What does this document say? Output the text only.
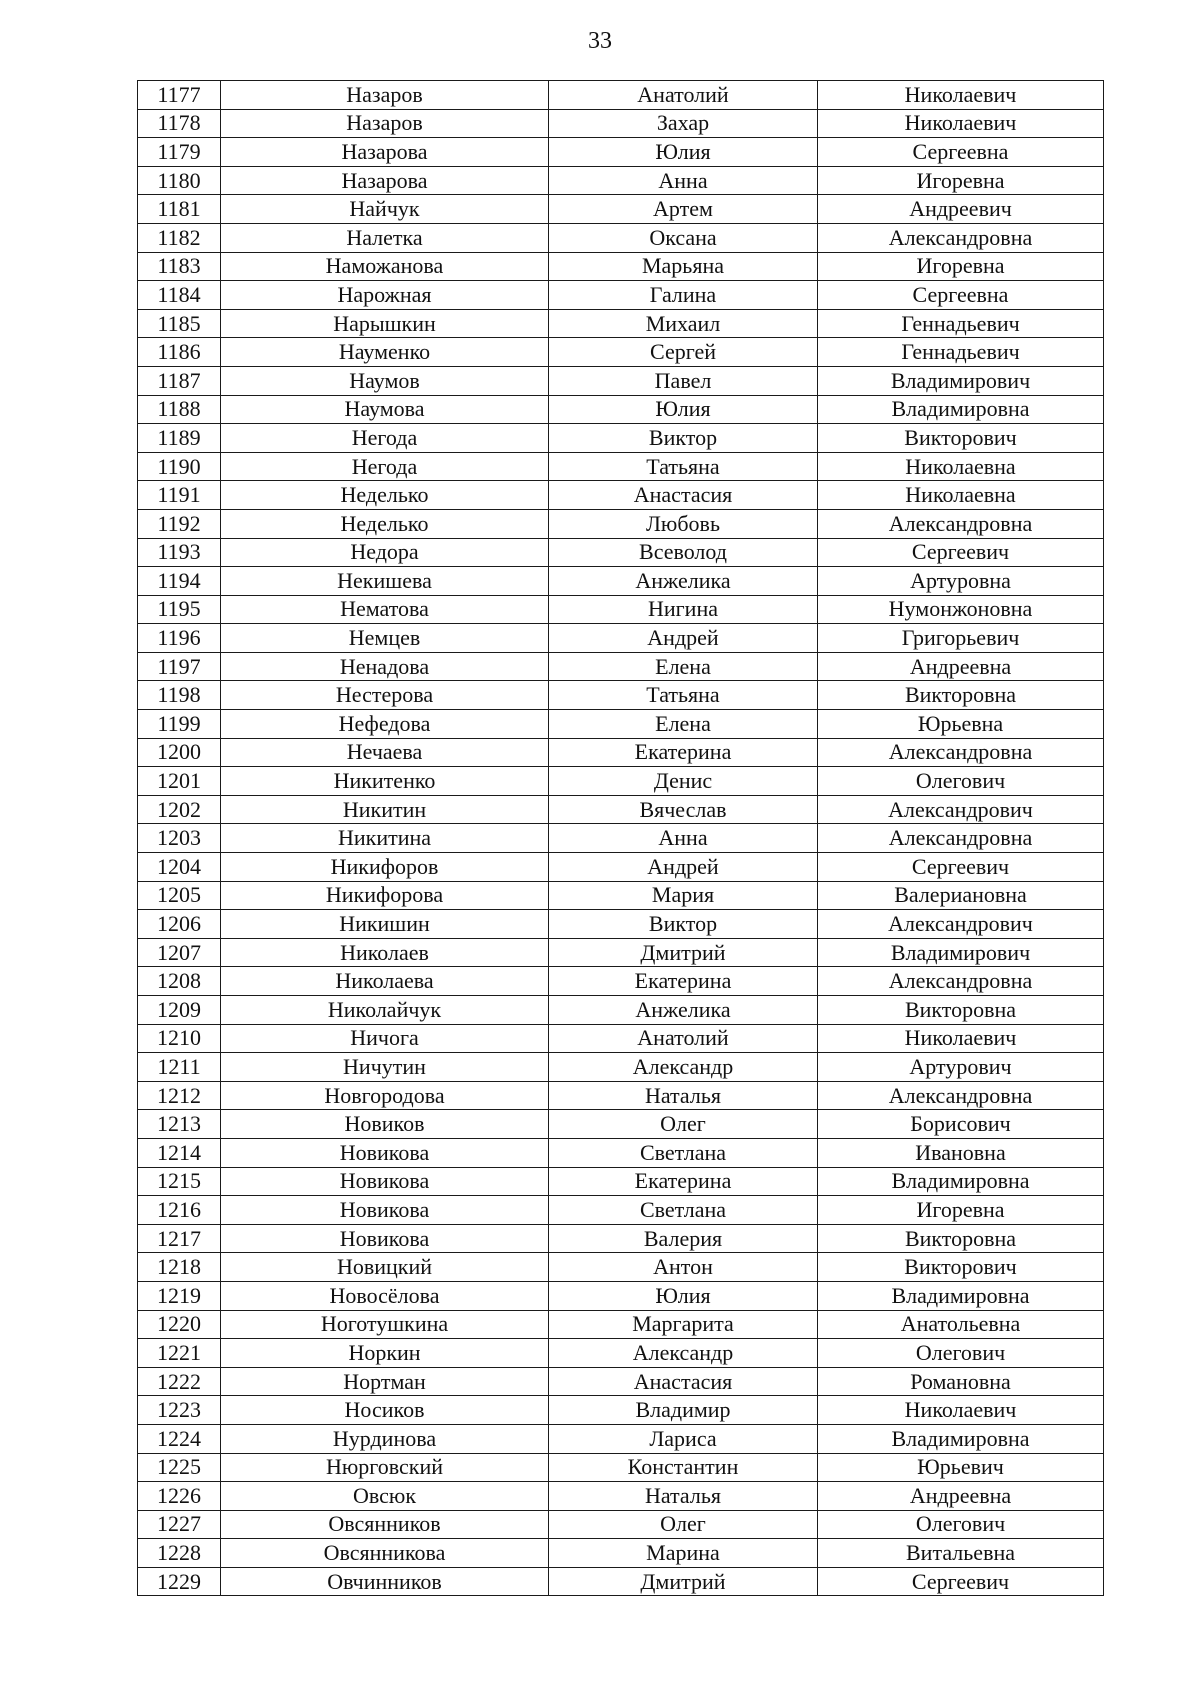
33
1177	Назаров	Анатолий	Николаевич
1178	Назаров	Захар	Николаевич
1179	Назарова	Юлия	Сергеевна
1180	Назарова	Анна	Игоревна
1181	Найчук	Артем	Андреевич
1182	Налетка	Оксана	Александровна
1183	Наможанова	Марьяна	Игоревна
1184	Нарожная	Галина	Сергеевна
1185	Нарышкин	Михаил	Геннадьевич
1186	Науменко	Сергей	Геннадьевич
1187	Наумов	Павел	Владимирович
1188	Наумова	Юлия	Владимировна
1189	Негода	Виктор	Викторович
1190	Негода	Татьяна	Николаевна
1191	Неделько	Анастасия	Николаевна
1192	Неделько	Любовь	Александровна
1193	Недора	Всеволод	Сергеевич
1194	Некишева	Анжелика	Артуровна
1195	Нематова	Нигина	Нумонжоновна
1196	Немцев	Андрей	Григорьевич
1197	Ненадова	Елена	Андреевна
1198	Нестерова	Татьяна	Викторовна
1199	Нефедова	Елена	Юрьевна
1200	Нечаева	Екатерина	Александровна
1201	Никитенко	Денис	Олегович
1202	Никитин	Вячеслав	Александрович
1203	Никитина	Анна	Александровна
1204	Никифоров	Андрей	Сергеевич
1205	Никифорова	Мария	Валериановна
1206	Никишин	Виктор	Александрович
1207	Николаев	Дмитрий	Владимирович
1208	Николаева	Екатерина	Александровна
1209	Николайчук	Анжелика	Викторовна
1210	Ничога	Анатолий	Николаевич
1211	Ничутин	Александр	Артурович
1212	Новгородова	Наталья	Александровна
1213	Новиков	Олег	Борисович
1214	Новикова	Светлана	Ивановна
1215	Новикова	Екатерина	Владимировна
1216	Новикова	Светлана	Игоревна
1217	Новикова	Валерия	Викторовна
1218	Новицкий	Антон	Викторович
1219	Новосёлова	Юлия	Владимировна
1220	Ноготушкина	Маргарита	Анатольевна
1221	Норкин	Александр	Олегович
1222	Нортман	Анастасия	Романовна
1223	Носиков	Владимир	Николаевич
1224	Нурдинова	Лариса	Владимировна
1225	Нюрговский	Константин	Юрьевич
1226	Овсюк	Наталья	Андреевна
1227	Овсянников	Олег	Олегович
1228	Овсянникова	Марина	Витальевна
1229	Овчинников	Дмитрий	Сергеевич
